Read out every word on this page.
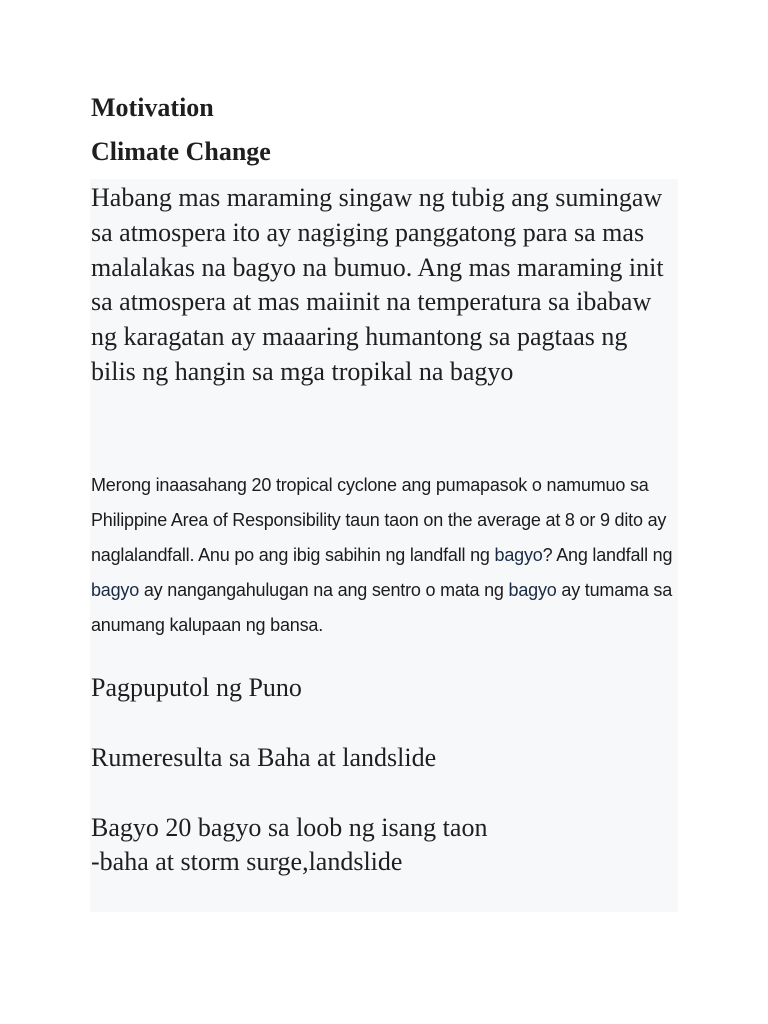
Motivation
Climate Change

Habang mas maraming singaw ng tubig ang sumingaw sa atmospera ito ay nagiging panggatong para sa mas malalakas na bagyo na bumuo. Ang mas maraming init sa atmospera at mas maiinit na temperatura sa ibabaw ng karagatan ay maaaring humantong sa pagtaas ng bilis ng hangin sa mga tropikal na bagyo

Merong inaasahang 20 tropical cyclone ang pumapasok o namumuo sa Philippine Area of Responsibility taun taon on the average at 8 or 9 dito ay naglalandfall. Anu po ang ibig sabihin ng landfall ng bagyo? Ang landfall ng bagyo ay nangangahulugan na ang sentro o mata ng bagyo ay tumama sa anumang kalupaan ng bansa.

Pagpuputol ng Puno

Rumeresulta sa Baha at landslide

Bagyo 20 bagyo sa loob ng isang taon

-baha at storm surge,landslide
